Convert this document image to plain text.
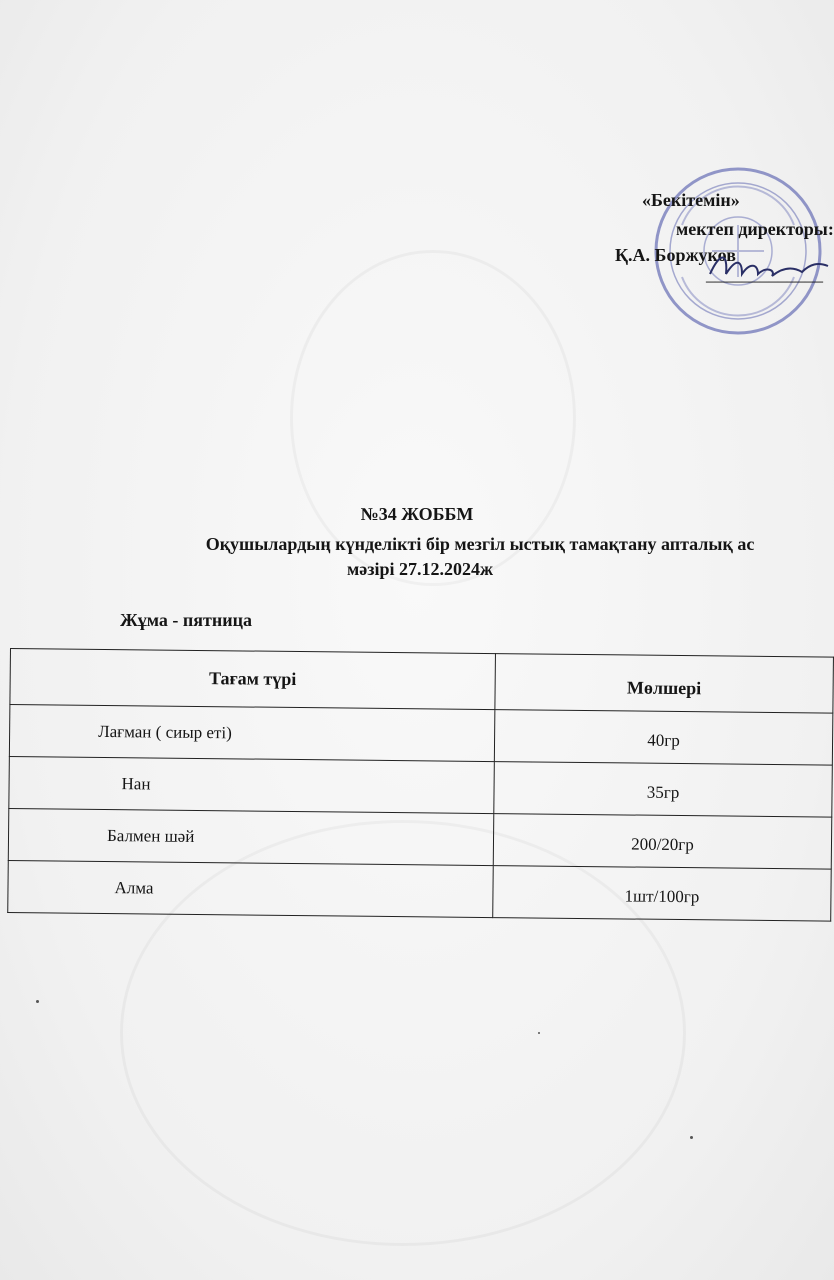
«Бекітемін»
мектеп директоры:
Қ.А. Боржуков
_____________
№34 ЖОББМ
Оқушылардың күнделікті бір мезгіл ыстық тамақтану апталық ас
мәзірі 27.12.2024ж
Жұма - пятница
Тағам түрі	Мөлшері
Лағман ( сиыр еті)	40гр
Нан	35гр
Балмен шәй	200/20гр
Алма	1шт/100гр
